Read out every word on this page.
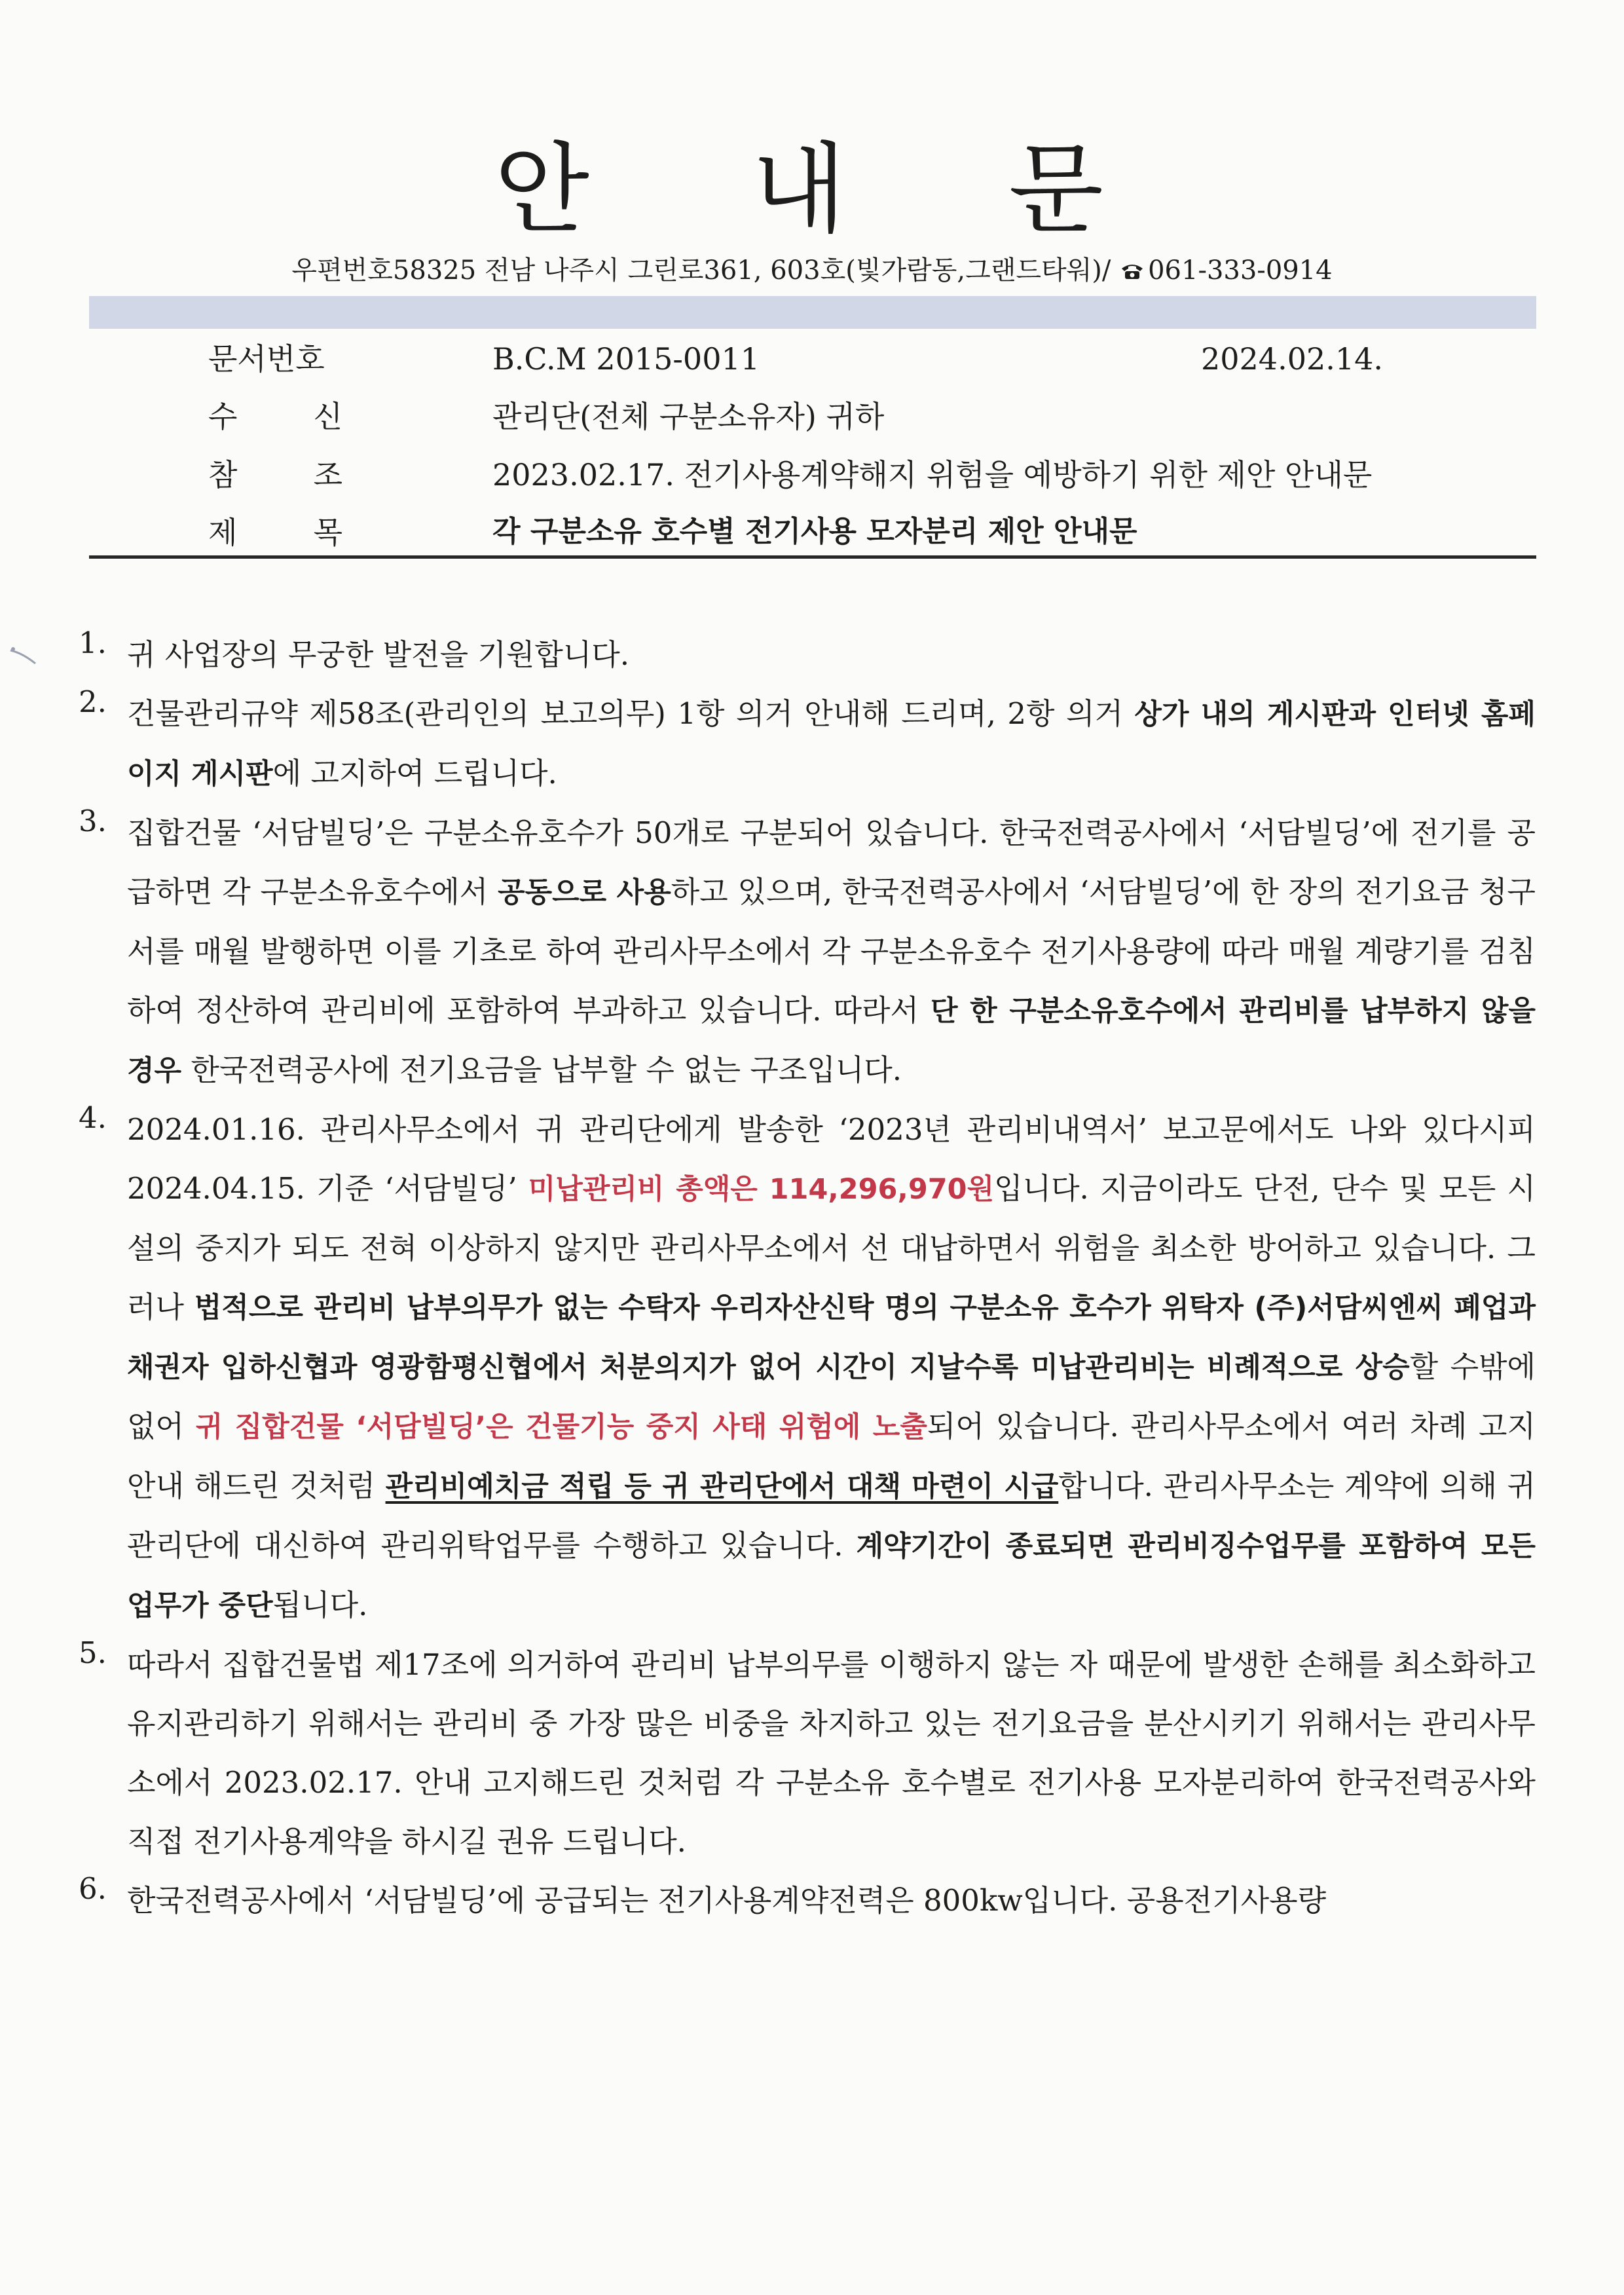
안 내 문
우편번호58325 전남 나주시 그린로361, 603호(빛가람동,그랜드타워)/ 061-333-0914
문서번호	B.C.M 2015-0011	2024.02.14.
수	신	관리단(전체 구분소유자) 귀하
참	조	2023.02.17. 전기사용계약해지 위험을 예방하기 위한 제안 안내문
제	목	각 구분소유 호수별 전기사용 모자분리 제안 안내문
1. 귀 사업장의 무궁한 발전을 기원합니다.

2. 건물관리규약 제58조(관리인의 보고의무) 1항 의거 안내해 드리며, 2항 의거 상가 내의 게시판과 인터넷 홈페이지 게시판에 고지하여 드립니다.

3. 집합건물 ‘서담빌딩’은 구분소유호수가 50개로 구분되어 있습니다. 한국전력공사에서 ‘서담빌딩’에 전기를 공급하면 각 구분소유호수에서 공동으로 사용하고 있으며, 한국전력공사에서 ‘서담빌딩’에 한 장의 전기요금 청구서를 매월 발행하면 이를 기초로 하여 관리사무소에서 각 구분소유호수 전기사용량에 따라 매월 계량기를 검침하여 정산하여 관리비에 포함하여 부과하고 있습니다. 따라서 단 한 구분소유호수에서 관리비를 납부하지 않을 경우 한국전력공사에 전기요금을 납부할 수 없는 구조입니다.

4. 2024.01.16. 관리사무소에서 귀 관리단에게 발송한 ‘2023년 관리비내역서’ 보고문에서도 나와 있다시피 2024.04.15. 기준 ‘서담빌딩’ 미납관리비 총액은 114,296,970원입니다. 지금이라도 단전, 단수 및 모든 시설의 중지가 되도 전혀 이상하지 않지만 관리사무소에서 선 대납하면서 위험을 최소한 방어하고 있습니다. 그러나 법적으로 관리비 납부의무가 없는 수탁자 우리자산신탁 명의 구분소유 호수가 위탁자 (주)서담씨엔씨 폐업과 채권자 입하신협과 영광함평신협에서 처분의지가 없어 시간이 지날수록 미납관리비는 비례적으로 상승할 수밖에 없어 귀 집합건물 ‘서담빌딩’은 건물기능 중지 사태 위험에 노출되어 있습니다. 관리사무소에서 여러 차례 고지 안내 해드린 것처럼 관리비예치금 적립 등 귀 관리단에서 대책 마련이 시급합니다. 관리사무소는 계약에 의해 귀 관리단에 대신하여 관리위탁업무를 수행하고 있습니다. 계약기간이 종료되면 관리비징수업무를 포함하여 모든 업무가 중단됩니다.

5. 따라서 집합건물법 제17조에 의거하여 관리비 납부의무를 이행하지 않는 자 때문에 발생한 손해를 최소화하고 유지관리하기 위해서는 관리비 중 가장 많은 비중을 차지하고 있는 전기요금을 분산시키기 위해서는 관리사무소에서 2023.02.17. 안내 고지해드린 것처럼 각 구분소유 호수별로 전기사용 모자분리하여 한국전력공사와 직접 전기사용계약을 하시길 권유 드립니다.

6. 한국전력공사에서 ‘서담빌딩’에 공급되는 전기사용계약전력은 800kw입니다. 공용전기사용량
